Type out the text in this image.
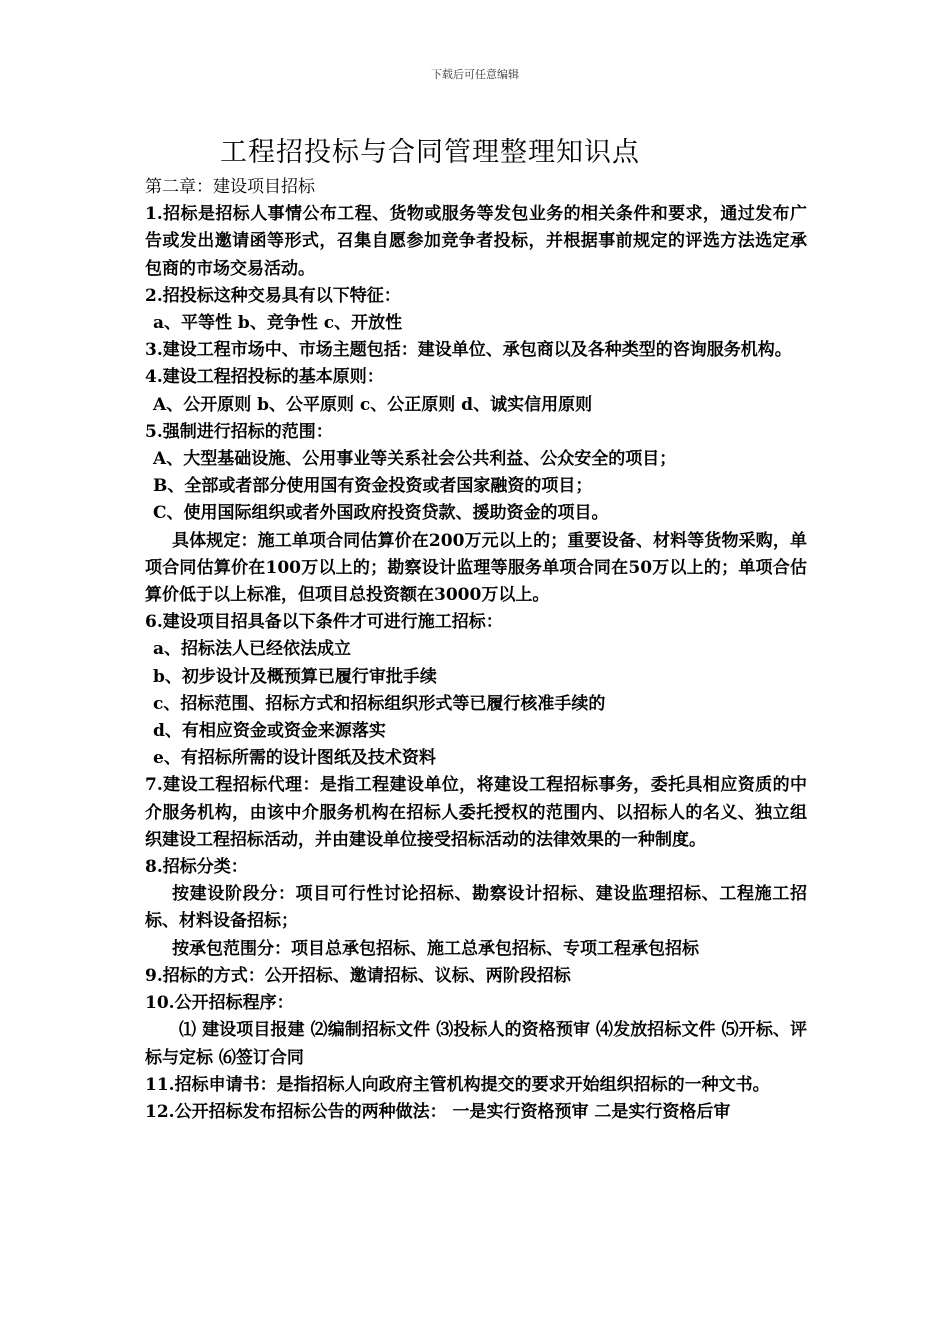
下载后可任意编辑
工程招投标与合同管理整理知识点

第二章：建设项目招标

1.招标是招标人事情公布工程、货物或服务等发包业务的相关条件和要求，通过发布广告或发出邀请函等形式，召集自愿参加竞争者投标，并根据事前规定的评选方法选定承包商的市场交易活动。

2.招投标这种交易具有以下特征：

a、平等性 b、竞争性 c、开放性

3.建设工程市场中、市场主题包括：建设单位、承包商以及各种类型的咨询服务机构。

4.建设工程招投标的基本原则：

A、公开原则 b、公平原则 c、公正原则 d、诚实信用原则

5.强制进行招标的范围：

A、大型基础设施、公用事业等关系社会公共利益、公众安全的项目；

B、全部或者部分使用国有资金投资或者国家融资的项目；

C、使用国际组织或者外国政府投资贷款、援助资金的项目。

具体规定：施工单项合同估算价在200万元以上的；重要设备、材料等货物采购，单项合同估算价在100万以上的；勘察设计监理等服务单项合同在50万以上的；单项合估算价低于以上标准，但项目总投资额在3000万以上。

6.建设项目招具备以下条件才可进行施工招标：

a、招标法人已经依法成立

b、初步设计及概预算已履行审批手续

c、招标范围、招标方式和招标组织形式等已履行核准手续的

d、有相应资金或资金来源落实

e、有招标所需的设计图纸及技术资料

7.建设工程招标代理：是指工程建设单位，将建设工程招标事务，委托具相应资质的中介服务机构，由该中介服务机构在招标人委托授权的范围内、以招标人的名义、独立组织建设工程招标活动，并由建设单位接受招标活动的法律效果的一种制度。

8.招标分类：

按建设阶段分：项目可行性讨论招标、勘察设计招标、建设监理招标、工程施工招标、材料设备招标；

按承包范围分：项目总承包招标、施工总承包招标、专项工程承包招标

9.招标的方式：公开招标、邀请招标、议标、两阶段招标

10.公开招标程序：

⑴ 建设项目报建 ⑵编制招标文件 ⑶投标人的资格预审 ⑷发放招标文件 ⑸开标、评标与定标 ⑹签订合同

11.招标申请书：是指招标人向政府主管机构提交的要求开始组织招标的一种文书。

12.公开招标发布招标公告的两种做法： 一是实行资格预审 二是实行资格后审
